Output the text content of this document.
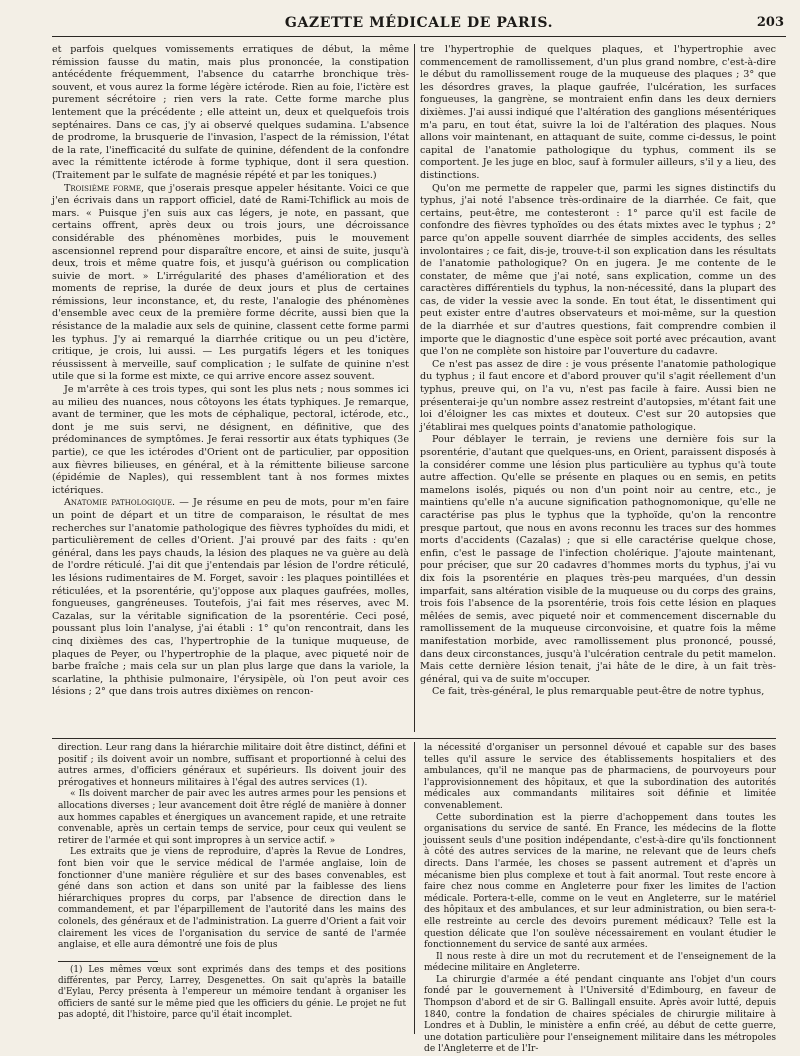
GAZETTE MÉDICALE DE PARIS.	203

et parfois quelques vomissements erratiques de début, la même rémission fausse du matin, mais plus prononcée, la constipation antécédente fréquemment, l'absence du catarrhe bronchique très-souvent, et vous aurez la forme légère ictérode. Rien au foie, l'ictère est purement sécrétoire ; rien vers la rate. Cette forme marche plus lentement que la précédente ; elle atteint un, deux et quelquefois trois septénaires. Dans ce cas, j'y ai observé quelques sudamina. L'absence de prodrome, la brusquerie de l'invasion, l'aspect de la rémission, l'état de la rate, l'inefficacité du sulfate de quinine, défendent de la confondre avec la rémittente ictérode à forme typhique, dont il sera question. (Traitement par le sulfate de magnésie répété et par les toniques.)

Troisième forme, que j'oserais presque appeler hésitante. Voici ce que j'en écrivais dans un rapport officiel, daté de Rami-Tchiflick au mois de mars. « Puisque j'en suis aux cas légers, je note, en passant, que certains offrent, après deux ou trois jours, une décroissance considérable des phénomènes morbides, puis le mouvement ascensionnel reprend pour disparaître encore, et ainsi de suite, jusqu'à deux, trois et même quatre fois, et jusqu'à guérison ou complication suivie de mort. » L'irrégularité des phases d'amélioration et des moments de reprise, la durée de deux jours et plus de certaines rémissions, leur inconstance, et, du reste, l'analogie des phénomènes d'ensemble avec ceux de la première forme décrite, aussi bien que la résistance de la maladie aux sels de quinine, classent cette forme parmi les typhus. J'y ai remarqué la diarrhée critique ou un peu d'ictère, critique, je crois, lui aussi. — Les purgatifs légers et les toniques réussissent à merveille, sauf complication ; le sulfate de quinine n'est utile que si la forme est mixte, ce qui arrive encore assez souvent.

Je m'arrête à ces trois types, qui sont les plus nets ; nous sommes ici au milieu des nuances, nous côtoyons les états typhiques. Je remarque, avant de terminer, que les mots de céphalique, pectoral, ictérode, etc., dont je me suis servi, ne désignent, en définitive, que des prédominances de symptômes. Je ferai ressortir aux états typhiques (3e partie), ce que les ictérodes d'Orient ont de particulier, par opposition aux fièvres bilieuses, en général, et à la rémittente bilieuse sarcone (épidémie de Naples), qui ressemblent tant à nos formes mixtes ictériques.

Anatomie pathologique. — Je résume en peu de mots, pour m'en faire un point de départ et un titre de comparaison, le résultat de mes recherches sur l'anatomie pathologique des fièvres typhoïdes du midi, et particulièrement de celles d'Orient. J'ai prouvé par des faits : qu'en général, dans les pays chauds, la lésion des plaques ne va guère au delà de l'ordre réticulé. J'ai dit que j'entendais par lésion de l'ordre réticulé, les lésions rudimentaires de M. Forget, savoir : les plaques pointillées et réticulées, et la psorentérie, qu'j'oppose aux plaques gaufrées, molles, fongueuses, gangréneuses. Toutefois, j'ai fait mes réserves, avec M. Cazalas, sur la véritable signification de la psorentérie. Ceci posé, poussant plus loin l'analyse, j'ai établi : 1° qu'on rencontrait, dans les cinq dixièmes des cas, l'hypertrophie de la tunique muqueuse, de plaques de Peyer, ou l'hypertrophie de la plaque, avec piqueté noir de barbe fraîche ; mais cela sur un plan plus large que dans la variole, la scarlatine, la phthisie pulmonaire, l'érysipèle, où l'on peut avoir ces lésions ; 2° que dans trois autres dixièmes on rencon-

tre l'hypertrophie de quelques plaques, et l'hypertrophie avec commencement de ramollissement, d'un plus grand nombre, c'est-à-dire le début du ramollissement rouge de la muqueuse des plaques ; 3° que les désordres graves, la plaque gaufrée, l'ulcération, les surfaces fongueuses, la gangrène, se montraient enfin dans les deux derniers dixièmes. J'ai aussi indiqué que l'altération des ganglions mésentériques m'a paru, en tout état, suivre la loi de l'altération des plaques. Nous allons voir maintenant, en attaquant de suite, comme ci-dessus, le point capital de l'anatomie pathologique du typhus, comment ils se comportent. Je les juge en bloc, sauf à formuler ailleurs, s'il y a lieu, des distinctions.

Qu'on me permette de rappeler que, parmi les signes distinctifs du typhus, j'ai noté l'absence très-ordinaire de la diarrhée. Ce fait, que certains, peut-être, me contesteront : 1° parce qu'il est facile de confondre des fièvres typhoïdes ou des états mixtes avec le typhus ; 2° parce qu'on appelle souvent diarrhée de simples accidents, des selles involontaires ; ce fait, dis-je, trouve-t-il son explication dans les résultats de l'anatomie pathologique? On en jugera. Je me contente de le constater, de même que j'ai noté, sans explication, comme un des caractères différentiels du typhus, la non-nécessité, dans la plupart des cas, de vider la vessie avec la sonde. En tout état, le dissentiment qui peut exister entre d'autres observateurs et moi-même, sur la question de la diarrhée et sur d'autres questions, fait comprendre combien il importe que le diagnostic d'une espèce soit porté avec précaution, avant que l'on ne complète son histoire par l'ouverture du cadavre.

Ce n'est pas assez de dire : je vous présente l'anatomie pathologique du typhus ; il faut encore et d'abord prouver qu'il s'agit réellement d'un typhus, preuve qui, on l'a vu, n'est pas facile à faire. Aussi bien ne présenterai-je qu'un nombre assez restreint d'autopsies, m'étant fait une loi d'éloigner les cas mixtes et douteux. C'est sur 20 autopsies que j'établirai mes quelques points d'anatomie pathologique.

Pour déblayer le terrain, je reviens une dernière fois sur la psorentérie, d'autant que quelques-uns, en Orient, paraissent disposés à la considérer comme une lésion plus particulière au typhus qu'à toute autre affection. Qu'elle se présente en plaques ou en semis, en petits mamelons isolés, piqués ou non d'un point noir au centre, etc., je maintiens qu'elle n'a aucune signification pathognomonique, qu'elle ne caractérise pas plus le typhus que la typhoïde, qu'on la rencontre presque partout, que nous en avons reconnu les traces sur des hommes morts d'accidents (Cazalas) ; que si elle caractérise quelque chose, enfin, c'est le passage de l'infection cholérique. J'ajoute maintenant, pour préciser, que sur 20 cadavres d'hommes morts du typhus, j'ai vu dix fois la psorentérie en plaques très-peu marquées, d'un dessin imparfait, sans altération visible de la muqueuse ou du corps des grains, trois fois l'absence de la psorentérie, trois fois cette lésion en plaques mêlées de semis, avec piqueté noir et commencement discernable du ramollissement de la muqueuse circonvoisine, et quatre fois la même manifestation morbide, avec ramollissement plus prononcé, poussé, dans deux circonstances, jusqu'à l'ulcération centrale du petit mamelon. Mais cette dernière lésion tenait, j'ai hâte de le dire, à un fait très-général, qui va de suite m'occuper.

Ce fait, très-général, le plus remarquable peut-être de notre typhus,

direction. Leur rang dans la hiérarchie militaire doit être distinct, défini et positif ; ils doivent avoir un nombre, suffisant et proportionné à celui des autres armes, d'officiers généraux et supérieurs. Ils doivent jouir des prérogatives et honneurs militaires à l'égal des autres services (1).

« Ils doivent marcher de pair avec les autres armes pour les pensions et allocations diverses ; leur avancement doit être réglé de manière à donner aux hommes capables et énergiques un avancement rapide, et une retraite convenable, après un certain temps de service, pour ceux qui veulent se retirer de l'armée et qui sont impropres à un service actif. »

Les extraits que je viens de reproduire, d'après la Revue de Londres, font bien voir que le service médical de l'armée anglaise, loin de fonctionner d'une manière régulière et sur des bases convenables, est géné dans son action et dans son unité par la faiblesse des liens hiérarchiques propres du corps, par l'absence de direction dans le commandement, et par l'éparpillement de l'autorité dans les mains des colonels, des généraux et de l'administration. La guerre d'Orient a fait voir clairement les vices de l'organisation du service de santé de l'armée anglaise, et elle aura démontré une fois de plus

la nécessité d'organiser un personnel dévoué et capable sur des bases telles qu'il assure le service des établissements hospitaliers et des ambulances, qu'il ne manque pas de pharmaciens, de pourvoyeurs pour l'approvisionnement des hôpitaux, et que la subordination des autorités médicales aux commandants militaires soit définie et limitée convenablement.

Cette subordination est la pierre d'achoppement dans toutes les organisations du service de santé. En France, les médecins de la flotte jouissent seuls d'une position indépendante, c'est-à-dire qu'ils fonctionnent à côté des autres services de la marine, ne relevant que de leurs chefs directs. Dans l'armée, les choses se passent autrement et d'après un mécanisme bien plus complexe et tout à fait anormal. Tout reste encore à faire chez nous comme en Angleterre pour fixer les limites de l'action médicale. Portera-t-elle, comme on le veut en Angleterre, sur le matériel des hôpitaux et des ambulances, et sur leur administration, ou bien sera-t-elle restreinte au cercle des devoirs purement médicaux? Telle est la question délicate que l'on soulève nécessairement en voulant étudier le fonctionnement du service de santé aux armées.

Il nous reste à dire un mot du recrutement et de l'enseignement de la médecine militaire en Angleterre.

La chirurgie d'armée a été pendant cinquante ans l'objet d'un cours fondé par le gouvernement à l'Université d'Edimbourg, en faveur de Thompson d'abord et de sir G. Ballingall ensuite. Après avoir lutté, depuis 1840, contre la fondation de chaires spéciales de chirurgie militaire à Londres et à Dublin, le ministère a enfin créé, au début de cette guerre, une dotation particulière pour l'enseignement militaire dans les métropoles de l'Angleterre et de l'Ir-

(1) Les mêmes vœux sont exprimés dans des temps et des positions différentes, par Percy, Larrey, Desgenettes. On sait qu'après la bataille d'Eylau, Percy présenta à l'empereur un mémoire tendant à organiser les officiers de santé sur le même pied que les officiers du génie. Le projet ne fut pas adopté, dit l'histoire, parce qu'il était incomplet.
